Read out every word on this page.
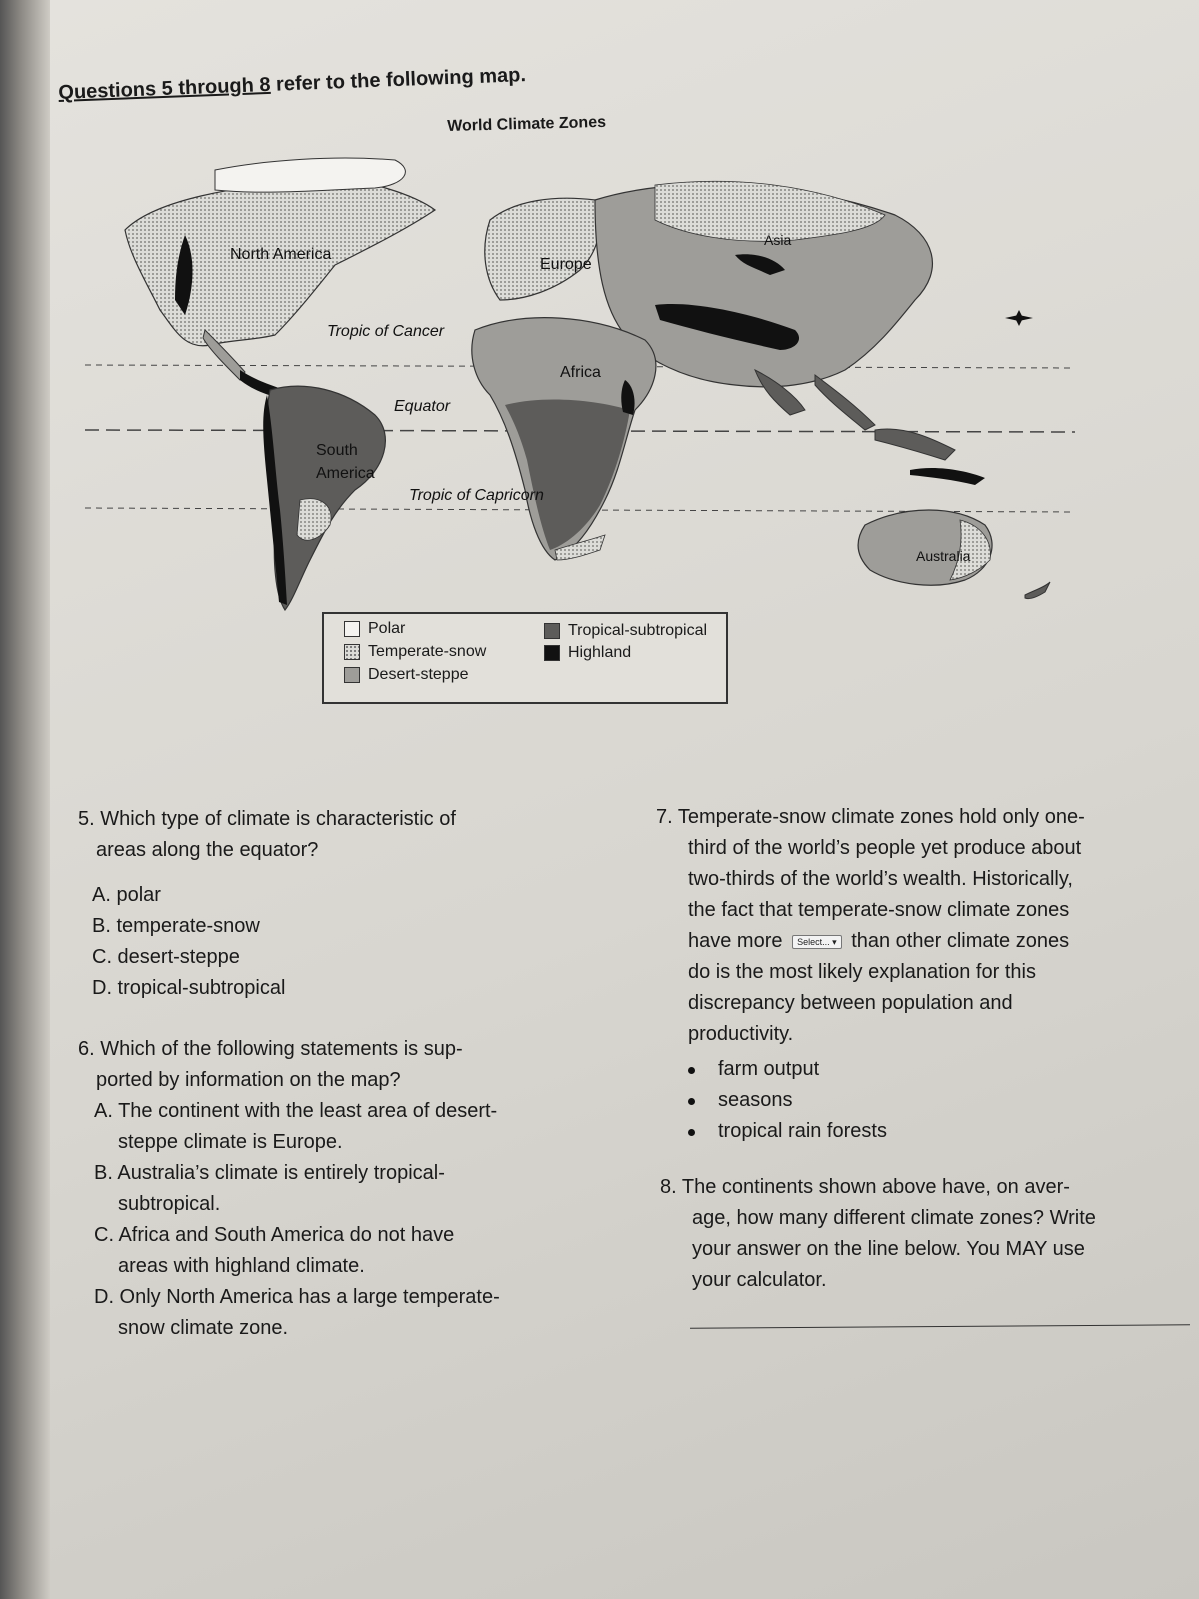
Questions 5 through 8 refer to the following map.
World Climate Zones
North America
Europe
Asia
Africa
South
America
Australia
Tropic of Cancer
Equator
Tropic of Capricorn
Polar
Temperate-snow
Desert-steppe
Tropical-subtropical
Highland
5. Which type of climate is characteristic of
areas along the equator?
A. polar
B. temperate-snow
C. desert-steppe
D. tropical-subtropical
6. Which of the following statements is sup-
ported by information on the map?
A. The continent with the least area of desert-
steppe climate is Europe.
B. Australia’s climate is entirely tropical-
subtropical.
C. Africa and South America do not have
areas with highland climate.
D. Only North America has a large temperate-
snow climate zone.
7. Temperate-snow climate zones hold only one-
third of the world’s people yet produce about
two-thirds of the world’s wealth. Historically,
the fact that temperate-snow climate zones
have more Select... ▾ than other climate zones
do is the most likely explanation for this
discrepancy between population and
productivity.
farm output
seasons
tropical rain forests
8. The continents shown above have, on aver-
age, how many different climate zones? Write
your answer on the line below. You MAY use
your calculator.
